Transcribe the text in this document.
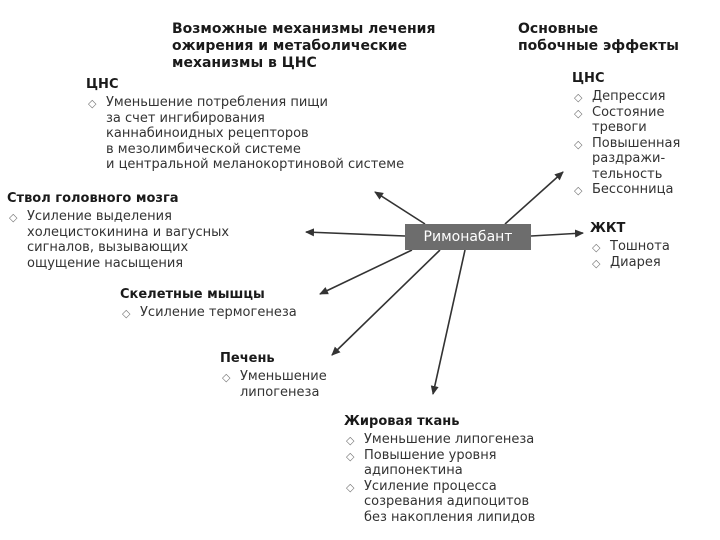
Возможные механизмы лечения
ожирения и метаболические
механизмы в ЦНС
Основные
побочные эффекты
ЦНС
◇ Уменьшение потребления пищи
за счет ингибирования
каннабиноидных рецепторов
в мезолимбической системе
и центральной меланокортиновой системе
Ствол головного мозга
◇ Усиление выделения
холецистокинина и вагусных
сигналов, вызывающих
ощущение насыщения
Скелетные мышцы
◇ Усиление термогенеза
Печень
◇ Уменьшение
липогенеза
Жировая ткань
◇ Уменьшение липогенеза
◇ Повышение уровня
адипонектина
◇ Усиление процесса
созревания адипоцитов
без накопления липидов
ЦНС
◇ Депрессия
◇ Состояние
тревоги
◇ Повышенная
раздражи-
тельность
◇ Бессонница
ЖКТ
◇ Тошнота
◇ Диарея
Римонабант
